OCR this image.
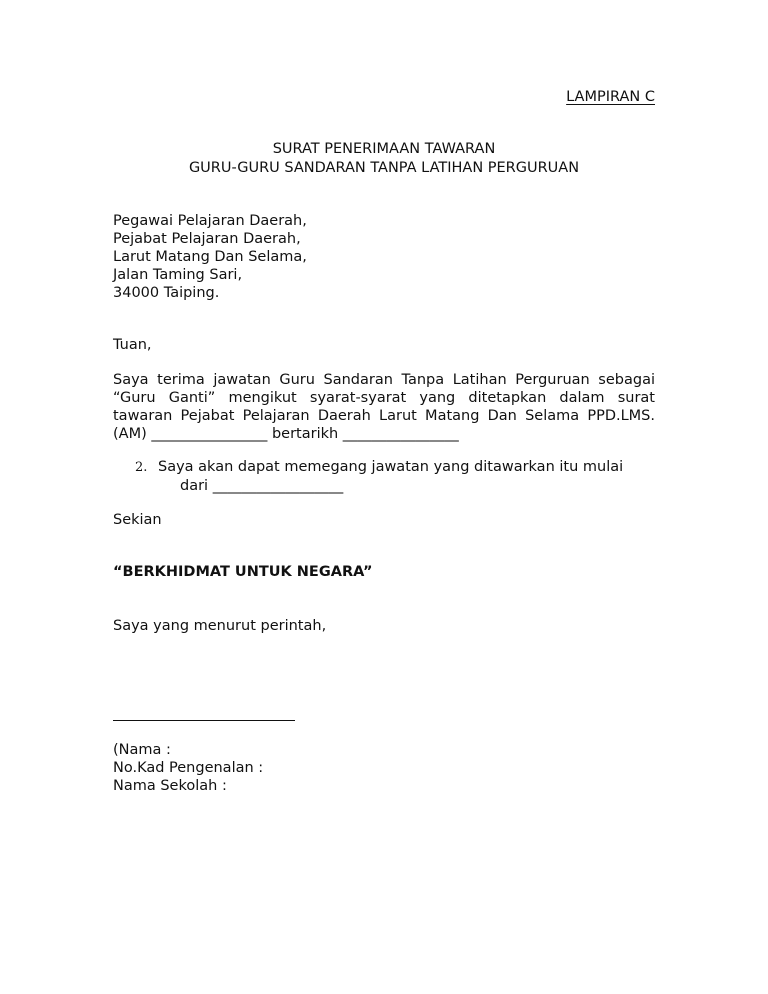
LAMPIRAN C
SURAT PENERIMAAN TAWARAN
GURU-GURU SANDARAN TANPA LATIHAN PERGURUAN
Pegawai Pelajaran Daerah,
Pejabat Pelajaran Daerah,
Larut Matang Dan Selama,
Jalan Taming Sari,
34000 Taiping.
Tuan,
Saya terima jawatan Guru Sandaran Tanpa Latihan Perguruan sebagai
“Guru Ganti” mengikut syarat-syarat yang ditetapkan dalam surat
tawaran Pejabat Pelajaran Daerah Larut Matang Dan Selama PPD.LMS.
(AM) ________________ bertarikh ________________
2. Saya akan dapat memegang jawatan yang ditawarkan itu mulai
dari __________________
Sekian
“BERKHIDMAT UNTUK NEGARA”
Saya yang menurut perintah,
(Nama :
No.Kad Pengenalan :
Nama Sekolah :
